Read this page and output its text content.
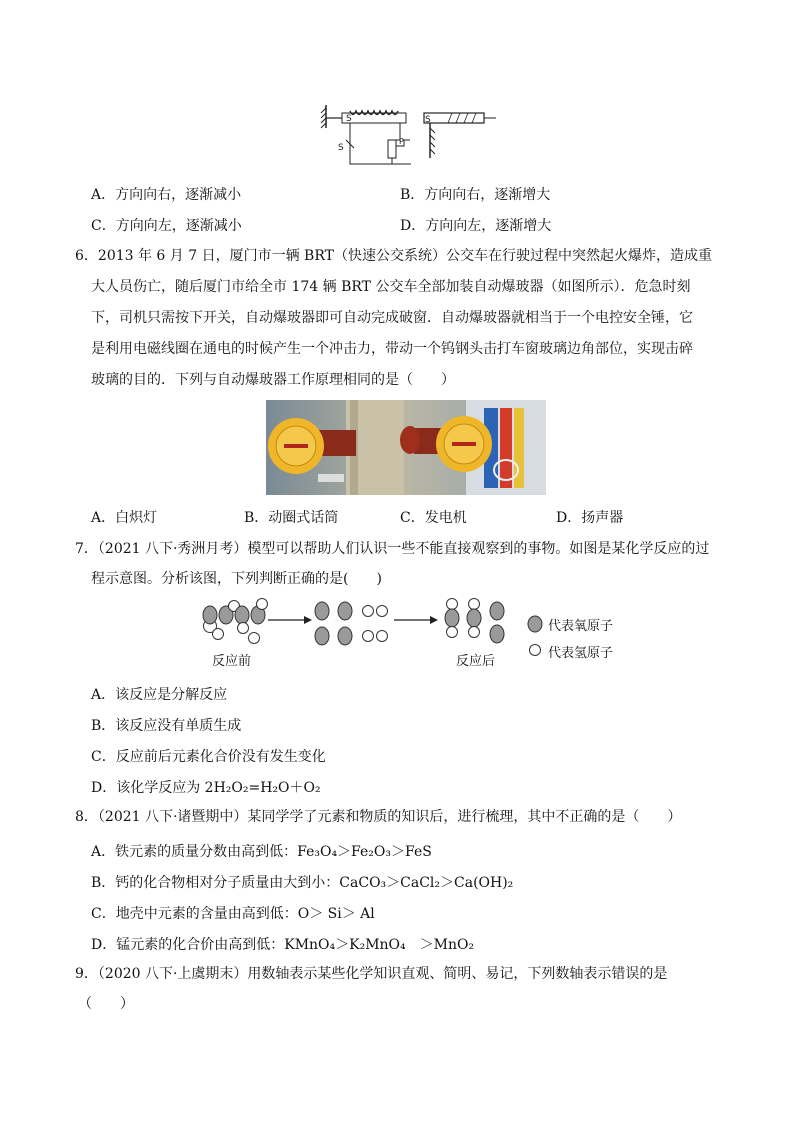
S
S
P
S
A．方向向右，逐渐减小	B．方向向右，逐渐增大
C．方向向左，逐渐减小	D．方向向左，逐渐增大
6．2013 年 6 月 7 日，厦门市一辆 BRT（快速公交系统）公交车在行驶过程中突然起火爆炸，造成重
大人员伤亡，随后厦门市给全市 174 辆 BRT 公交车全部加装自动爆玻器（如图所示）．危急时刻
下，司机只需按下开关，自动爆玻器即可自动完成破窗．自动爆玻器就相当于一个电控安全锤，它
是利用电磁线圈在通电的时候产生一个冲击力，带动一个钨钢头击打车窗玻璃边角部位，实现击碎
玻璃的目的．下列与自动爆玻器工作原理相同的是（　　）
A．白炽灯	B．动圈式话筒	C．发电机	D．扬声器
7．（2021 八下·秀洲月考）模型可以帮助人们认识一些不能直接观察到的事物。如图是某化学反应的过
程示意图。分析该图，下列判断正确的是(　　)
反应前	反应后
代表氧原子
代表氢原子
A．该反应是分解反应
B．该反应没有单质生成
C．反应前后元素化合价没有发生变化
D．该化学反应为 2H₂O₂=H₂O＋O₂
8．（2021 八下·诸暨期中）某同学学了元素和物质的知识后，进行梳理，其中不正确的是（　　）
A．铁元素的质量分数由高到低：Fe₃O₄＞Fe₂O₃＞FeS
B．钙的化合物相对分子质量由大到小：CaCO₃＞CaCl₂＞Ca(OH)₂
C．地壳中元素的含量由高到低：O＞ Si＞ Al
D．锰元素的化合价由高到低：KMnO₄＞K₂MnO₄　＞MnO₂
9．（2020 八下·上虞期末）用数轴表示某些化学知识直观、简明、易记，下列数轴表示错误的是
（　　）
